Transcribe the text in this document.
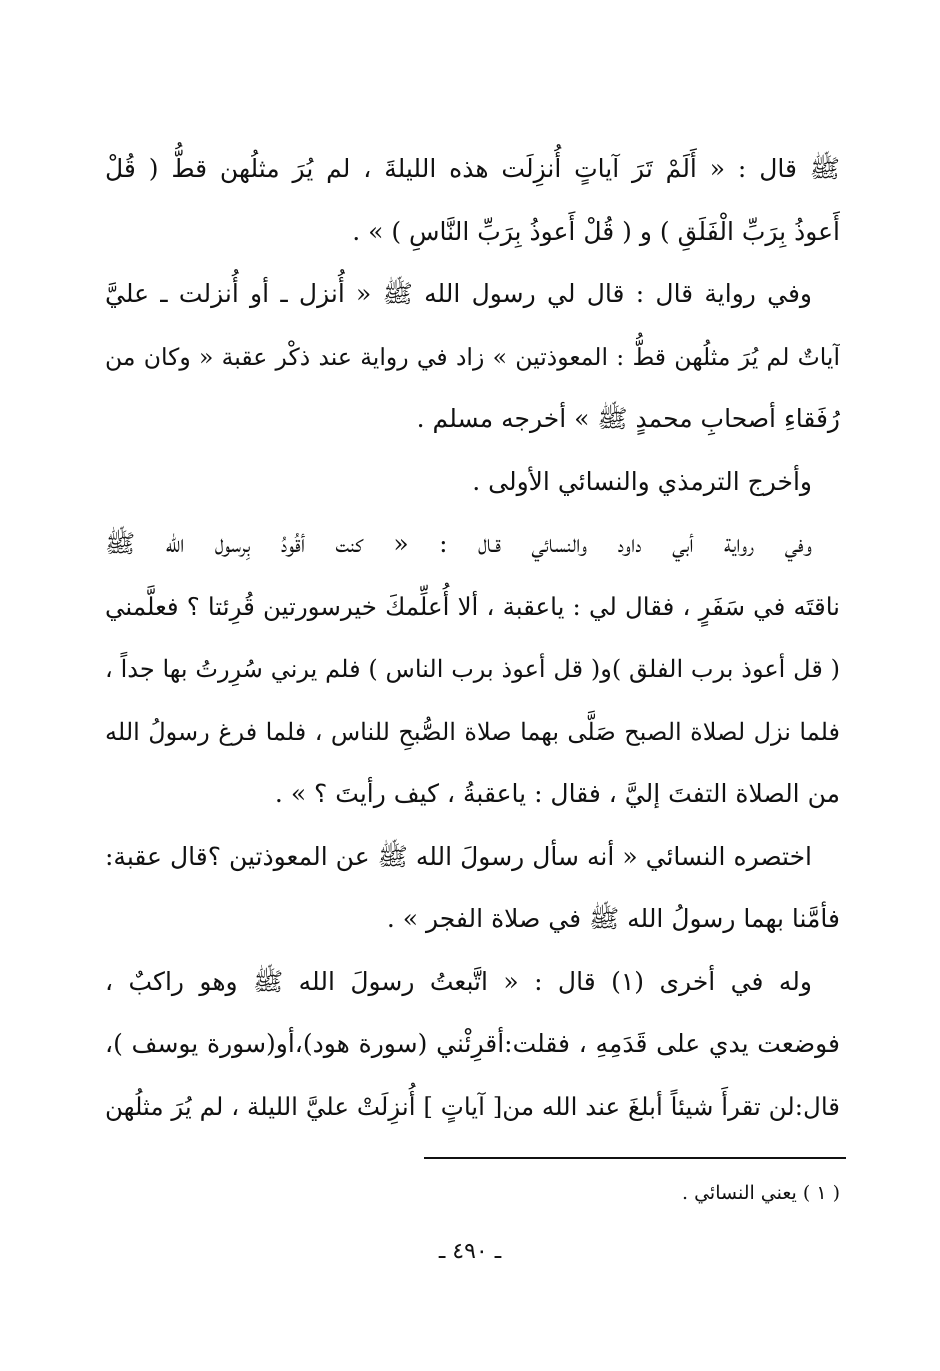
ﷺ قال : « أَلَمْ تَرَ آياتٍ أُنزِلَت هذه الليلةَ ، لم يُرَ مثلُهن قطُّ ( قُلْ
أَعوذُ بِرَبِّ الْفَلَقِ ) و ( قُلْ أَعوذُ بِرَبِّ النَّاسِ ) » .
وفي رواية قال : قال لي رسول الله ﷺ « أُنزل ـ أو أُنزلت ـ عليَّ
آياتٌ لم يُرَ مثلُهن قطُّ : المعوذتين » زاد في رواية عند ذكْر عقبة « وكان من
رُفَقاءِ أصحابِ محمدٍ ﷺ » أخرجه مسلم .
وأخرج الترمذي والنسائي الأولى .
وفي رواية أبي داود والنسائي قـال : « كنت أقُودُ بِرسول الله ﷺ
ناقتَه في سَفَرٍ ، فقال لي : ياعقبة ، ألا أُعلِّمكَ خيرسورتين قُرِئتا ؟ فعلَّمني
( قل أعوذ برب الفلق )و( قل أعوذ برب الناس ) فلم يرني سُرِرتُ بها جداً ،
فلما نزل لصلاة الصبح صَلَّى بهما صلاة الصُّبحِ للناس ، فلما فرغ رسولُ الله
من الصلاة التفتَ إليَّ ، فقال : ياعقبةُ ، كيف رأيتَ ؟ » .
اختصره النسائي « أنه سأل رسولَ الله ﷺ عن المعوذتين ؟قال عقبة:
فأمَّنا بهما رسولُ الله ﷺ في صلاة الفجر » .
وله في أخرى (١) قال : « اتَّبعتُ رسولَ الله ﷺ وهو راكبٌ ،
فوضعت يدي على قَدَمِهِ ، فقلت:أقرِئْني (سورة هود)،أو(سورة يوسف )،
قال:لن تقرأَ شيئاً أبلغَ عند الله من[ آياتٍ ] أُنزِلَتْ عليَّ الليلة ، لم يُرَ مثلُهن
( ١ ) يعني النسائي .
ـ ٤٩٠ ـ
